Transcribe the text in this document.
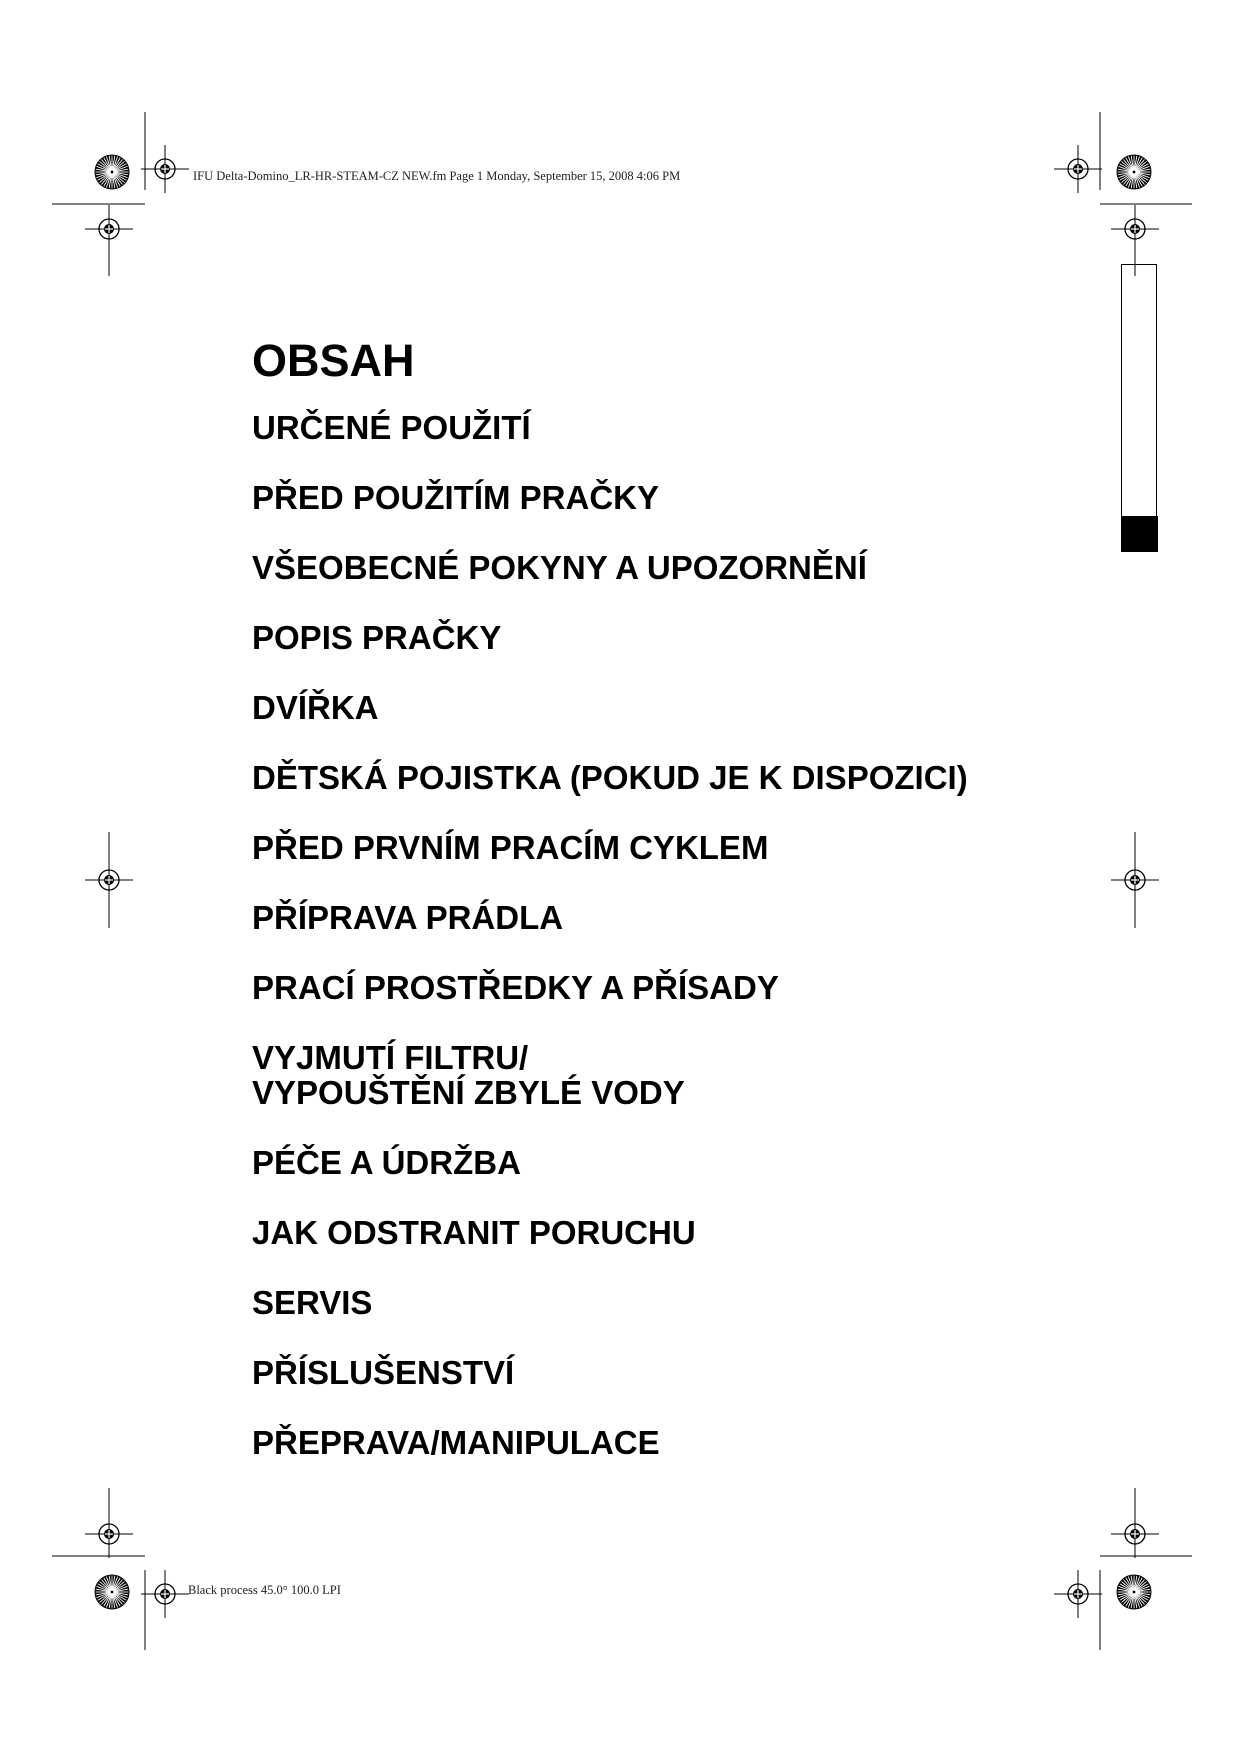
IFU Delta-Domino_LR-HR-STEAM-CZ NEW.fm Page 1 Monday, September 15, 2008 4:06 PM
OBSAH
URČENÉ POUŽITÍ
PŘED POUŽITÍM PRAČKY
VŠEOBECNÉ POKYNY A UPOZORNĚNÍ
POPIS PRAČKY
DVÍŘKA
DĚTSKÁ POJISTKA (POKUD JE K DISPOZICI)
PŘED PRVNÍM PRACÍM CYKLEM
PŘÍPRAVA PRÁDLA
PRACÍ PROSTŘEDKY A PŘÍSADY
VYJMUTÍ FILTRU/
VYPOUŠTĚNÍ ZBYLÉ VODY
PÉČE A ÚDRŽBA
JAK ODSTRANIT PORUCHU
SERVIS
PŘÍSLUŠENSTVÍ
PŘEPRAVA/MANIPULACE
Black process 45.0° 100.0 LPI
